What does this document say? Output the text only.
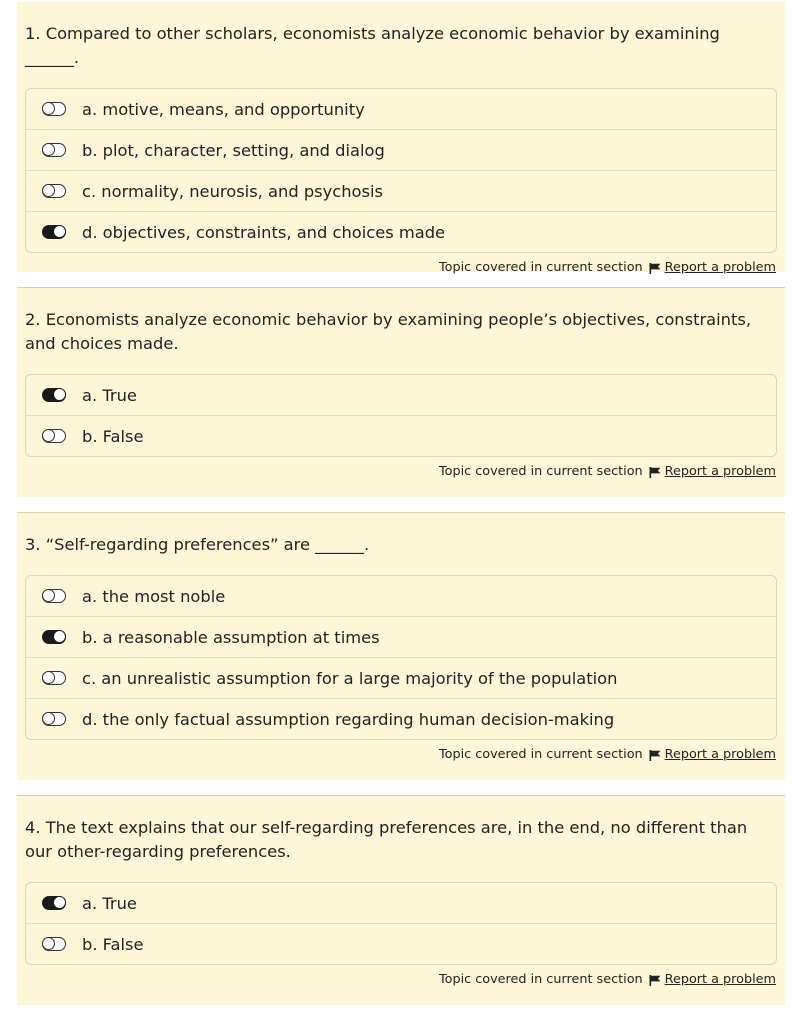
1. Compared to other scholars, economists analyze economic behavior by examining ______.

a. motive, means, and opportunity
b. plot, character, setting, and dialog
c. normality, neurosis, and psychosis
d. objectives, constraints, and choices made
Topic covered in current section Report a problem

2. Economists analyze economic behavior by examining people’s objectives, constraints, and choices made.

a. True
b. False
Topic covered in current section Report a problem

3. “Self-regarding preferences” are ______.

a. the most noble
b. a reasonable assumption at times
c. an unrealistic assumption for a large majority of the population
d. the only factual assumption regarding human decision-making
Topic covered in current section Report a problem

4. The text explains that our self-regarding preferences are, in the end, no different than our other-regarding preferences.

a. True
b. False
Topic covered in current section Report a problem
